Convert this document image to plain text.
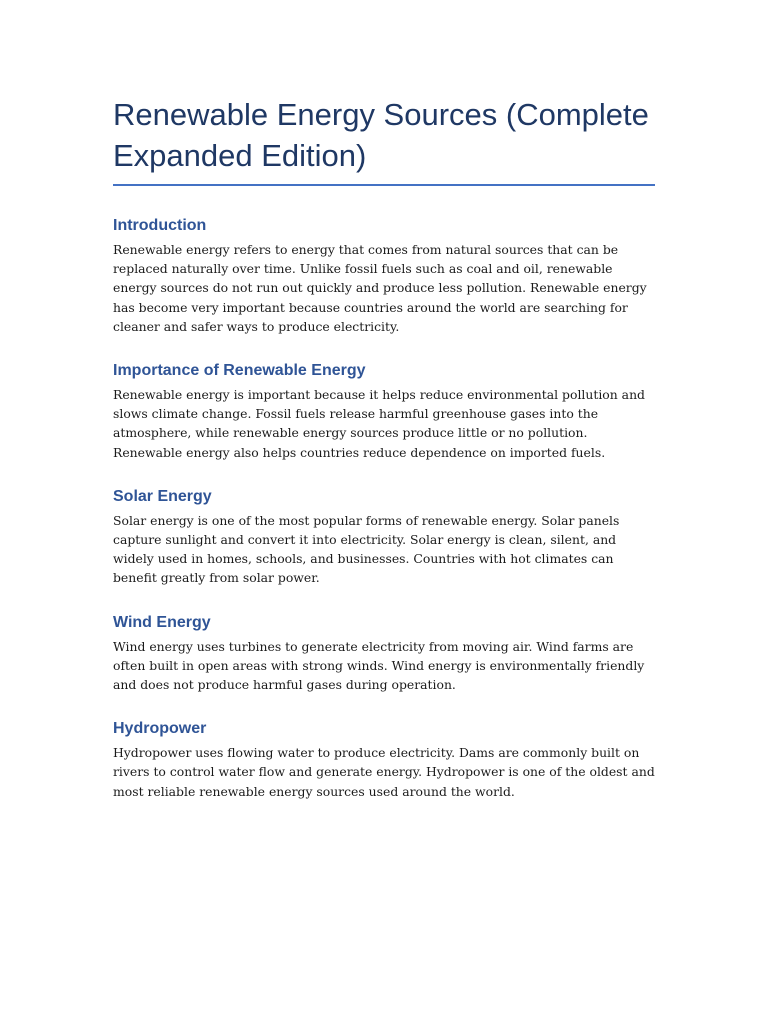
Renewable Energy Sources (Complete Expanded Edition)
Introduction

Renewable energy refers to energy that comes from natural sources that can be replaced naturally over time. Unlike fossil fuels such as coal and oil, renewable energy sources do not run out quickly and produce less pollution. Renewable energy has become very important because countries around the world are searching for cleaner and safer ways to produce electricity.

Importance of Renewable Energy

Renewable energy is important because it helps reduce environmental pollution and slows climate change. Fossil fuels release harmful greenhouse gases into the atmosphere, while renewable energy sources produce little or no pollution. Renewable energy also helps countries reduce dependence on imported fuels.

Solar Energy

Solar energy is one of the most popular forms of renewable energy. Solar panels capture sunlight and convert it into electricity. Solar energy is clean, silent, and widely used in homes, schools, and businesses. Countries with hot climates can benefit greatly from solar power.

Wind Energy

Wind energy uses turbines to generate electricity from moving air. Wind farms are often built in open areas with strong winds. Wind energy is environmentally friendly and does not produce harmful gases during operation.

Hydropower

Hydropower uses flowing water to produce electricity. Dams are commonly built on rivers to control water flow and generate energy. Hydropower is one of the oldest and most reliable renewable energy sources used around the world.
